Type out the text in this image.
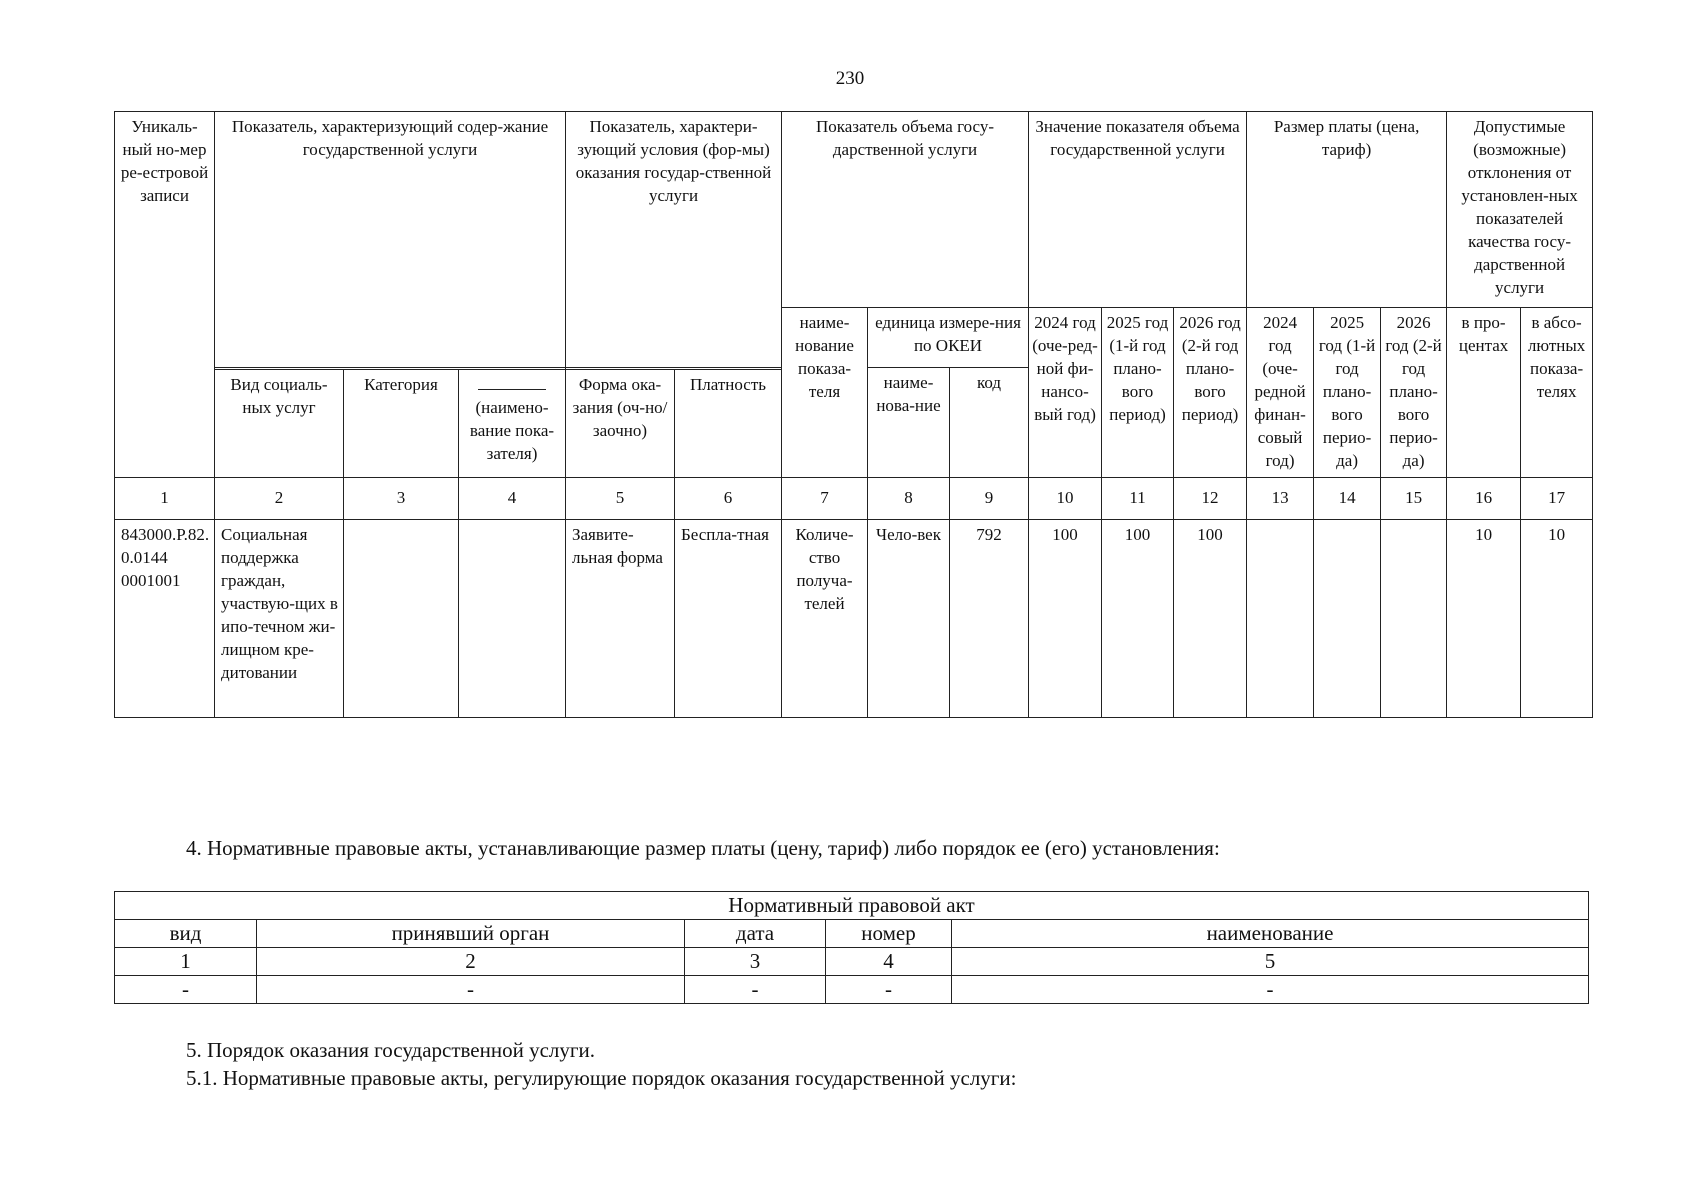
230
Уникаль-ный но-мер ре-естровой записи	Показатель, характеризующий содер-жание государственной услуги			Показатель, характери-зующий условия (фор-мы) оказания государ-ственной услуги		Показатель объема госу-дарственной услуги			Значение показателя объема государственной услуги			Размер платы (цена, тариф)			Допустимые (возможные) отклонения от установлен-ных показателей качества госу-дарственной услуги	
						наиме-нование показа-теля	единица измере-ния по ОКЕИ		2024 год (оче-ред-ной фи-нансо-вый год)	2025 год (1-й год плано-вого период)	2026 год (2-й год плано-вого период)	2024 год (оче-редной финан-совый год)	2025 год (1-й год плано-вого перио-да)	2026 год (2-й год плано-вого перио-да)	в про-центах	в абсо-лютных показа-телях
							наиме-нова-ние	код								
	Вид социаль-ных услуг	Категория	(наимено-вание пока-зателя)	Форма ока-зания (оч-но/заочно)	Платность											
1	2	3	4	5	6	7	8	9	10	11	12	13	14	15	16	17
843000.Р.82.0.0144 0001001	Социальная поддержка граждан, участвую-щих в ипо-течном жи-лищном кре-дитовании			Заявите-льная форма	Беспла-тная	Количе-ство получа-телей	Чело-век	792	100	100	100				10	10
4. Нормативные правовые акты, устанавливающие размер платы (цену, тариф) либо порядок ее (его) установления:
Нормативный правовой акт				
вид	принявший орган	дата	номер	наименование
1	2	3	4	5
-	-	-	-	-
5. Порядок оказания государственной услуги.
5.1. Нормативные правовые акты, регулирующие порядок оказания государственной услуги:
